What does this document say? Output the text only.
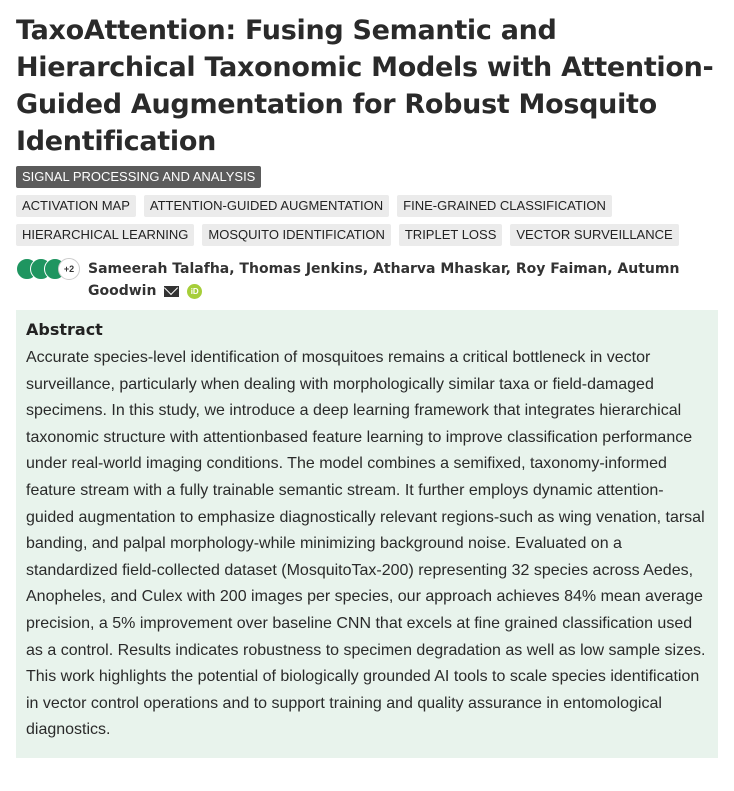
TaxoAttention: Fusing Semantic and Hierarchical Taxonomic Models with Attention-Guided Augmentation for Robust Mosquito Identification
SIGNAL PROCESSING AND ANALYSIS
ACTIVATION MAP	ATTENTION-GUIDED AUGMENTATION	FINE-GRAINED CLASSIFICATION
HIERARCHICAL LEARNING	MOSQUITO IDENTIFICATION	TRIPLET LOSS	VECTOR SURVEILLANCE
+2 Sameerah Talafha, Thomas Jenkins, Atharva Mhaskar, Roy Faiman, Autumn Goodwin	iD
Abstract

Accurate species-level identification of mosquitoes remains a critical bottleneck in vector surveillance, particularly when dealing with morphologically similar taxa or field-damaged specimens. In this study, we introduce a deep learning framework that integrates hierarchical taxonomic structure with attentionbased feature learning to improve classification performance under real-world imaging conditions. The model combines a semifixed, taxonomy-informed feature stream with a fully trainable semantic stream. It further employs dynamic attention-guided augmentation to emphasize diagnostically relevant regions-such as wing venation, tarsal banding, and palpal morphology-while minimizing background noise. Evaluated on a standardized field-collected dataset (MosquitoTax-200) representing 32 species across Aedes, Anopheles, and Culex with 200 images per species, our approach achieves 84% mean average precision, a 5% improvement over baseline CNN that excels at fine grained classification used as a control. Results indicates robustness to specimen degradation as well as low sample sizes. This work highlights the potential of biologically grounded AI tools to scale species identification in vector control operations and to support training and quality assurance in entomological diagnostics.
